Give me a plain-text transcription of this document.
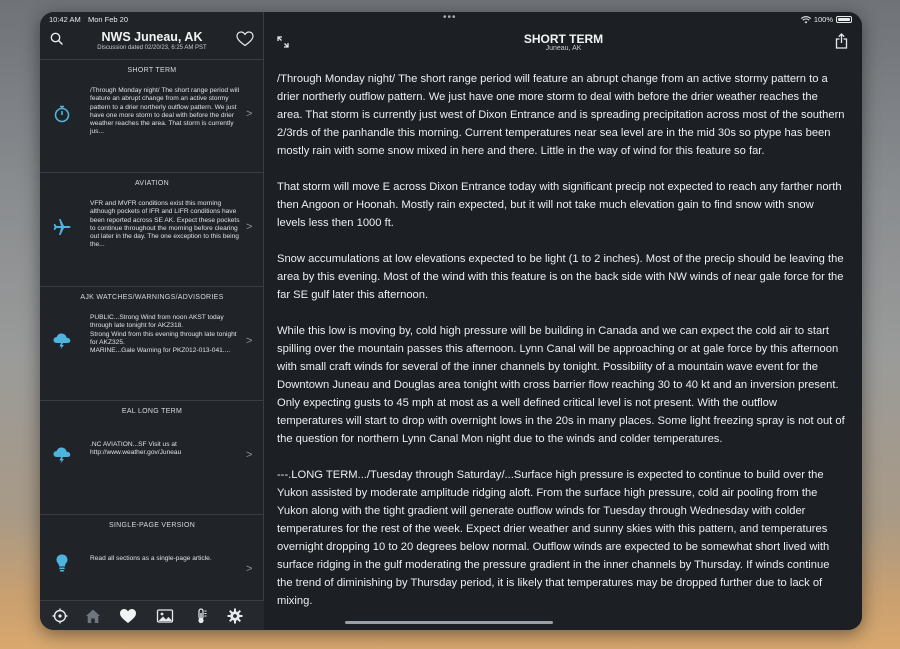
10:42 AM Mon Feb 20	•••	100%
NWS Juneau, AK
Discussion dated 02/20/23, 6:25 AM PST
SHORT TERM
/Through Monday night/ The short range period will feature an abrupt change from an active stormy pattern to a drier northerly outflow pattern. We just have one more storm to deal with before the drier weather reaches the area. That storm is currently jus...
>
AVIATION
VFR and MVFR conditions exist this morning although pockets of IFR and LIFR conditions have been reported across SE AK. Expect these pockets to continue throughout the morning before clearing out later in the day. The one exception to this being the...
>
AJK WATCHES/WARNINGS/ADVISORIES
PUBLIC...Strong Wind from noon AKST today through late tonight for AKZ318.
Strong Wind from this evening through late tonight for AKZ325.
MARINE...Gale Warning for PKZ012-013-041....
>
EAL LONG TERM
.NC AVIATION...SF Visit us at http://www.weather.gov/Juneau	>
SINGLE-PAGE VERSION
Read all sections as a single-page article.
>
SHORT TERM
Juneau, AK

/Through Monday night/ The short range period will feature an abrupt change from an active stormy pattern to a drier northerly outflow pattern. We just have one more storm to deal with before the drier weather reaches the area. That storm is currently just west of Dixon Entrance and is spreading precipitation across most of the southern 2/3rds of the panhandle this morning. Current temperatures near sea level are in the mid 30s so ptype has been mostly rain with some snow mixed in here and there. Little in the way of wind for this feature so far.

That storm will move E across Dixon Entrance today with significant precip not expected to reach any farther north then Angoon or Hoonah. Mostly rain expected, but it will not take much elevation gain to find snow with snow levels less then 1000 ft.

Snow accumulations at low elevations expected to be light (1 to 2 inches). Most of the precip should be leaving the area by this evening. Most of the wind with this feature is on the back side with NW winds of near gale force for the far SE gulf later this afternoon.

While this low is moving by, cold high pressure will be building in Canada and we can expect the cold air to start spilling over the mountain passes this afternoon. Lynn Canal will be approaching or at gale force by this afternoon with small craft winds for several of the inner channels by tonight. Possibility of a mountain wave event for the Downtown Juneau and Douglas area tonight with cross barrier flow reaching 30 to 40 kt and an inversion present. Only expecting gusts to 45 mph at most as a well defined critical level is not present. With the outflow temperatures will start to drop with overnight lows in the 20s in many places. Some light freezing spray is not out of the question for northern Lynn Canal Mon night due to the winds and colder temperatures.

---.LONG TERM.../Tuesday through Saturday/...Surface high pressure is expected to continue to build over the Yukon assisted by moderate amplitude ridging aloft. From the surface high pressure, cold air pooling from the Yukon along with the tight gradient will generate outflow winds for Tuesday through Wednesday with colder temperatures for the rest of the week. Expect drier weather and sunny skies with this pattern, and temperatures overnight dropping 10 to 20 degrees below normal. Outflow winds are expected to be somewhat short lived with surface ridging in the gulf moderating the pressure gradient in the inner channels by Thursday. If winds continue the trend of diminishing by Thursday period, it is likely that temperatures may be dropped further due to lack of mixing.
